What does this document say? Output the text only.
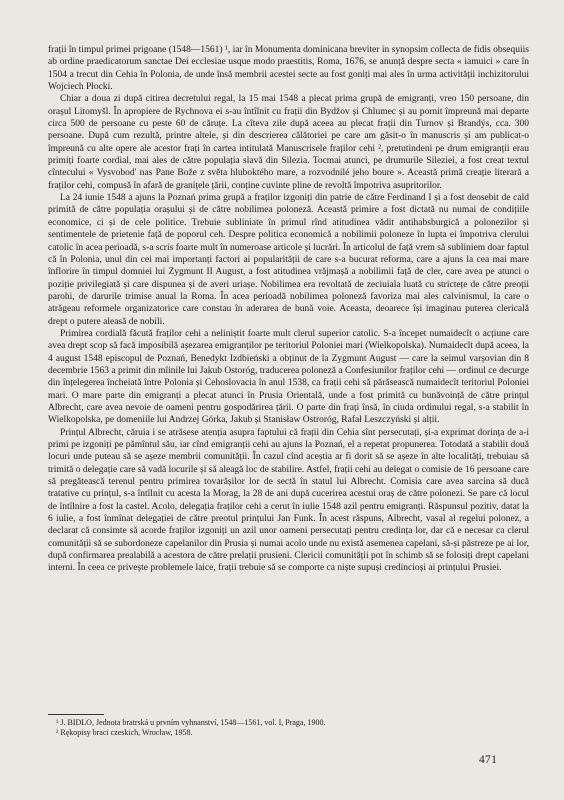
frații în timpul primei prigoane (1548—1561) ¹, iar în Monumenta dominicana breviter in synopsim collecta de fidis obsequiis ab ordine praedicatorum sanctae Dei ecclesiae usque modo praestitis, Roma, 1676, se anunță despre secta « iamuici » care în 1504 a trecut din Cehia în Polonia, de unde însă membrii acestei secte au fost goniți mai ales în urma activității inchizitorului Wojciech Płocki.

Chiar a doua zi după citirea decretului regal, la 15 mai 1548 a plecat prima grupă de emigranți, vreo 150 persoane, din orașul Litomyšl. În apropiere de Rychnova ei s-au întîlnit cu frații din Bydžov și Chlumec și au pornit împreună mai departe circa 500 de persoane cu peste 60 de căruțe. La cîteva zile după aceea au plecat frații din Turnov și Brandýs, cca. 300 persoane. După cum rezultă, printre altele, și din descrierea călătoriei pe care am găsit-o în manuscris și am publicat-o împreună cu alte opere ale acestor frați în cartea intitulată Manuscrisele fraților cehi ², pretutindeni pe drum emigranții erau primiți foarte cordial, mai ales de către populația slavă din Silezia. Tocmai atunci, pe drumurile Sileziei, a fost creat textul cîntecului « Vysvobod' nas Pane Bože z světa hluboktého mare, a rozvodnilé jeho boure ». Această primă creație literară a fraților cehi, compusă în afară de granițele țării, conține cuvinte pline de revoltă împotriva asupritorilor.

La 24 iunie 1548 a ajuns la Poznań prima grupă a fraților izgoniți din patrie de către Ferdinand I și a fost deosebit de cald primită de către populația orașului și de către nobilimea poloneză. Această primire a fost dictată nu numai de condițiile economice, ci și de cele politice. Trebuie subliniate în primul rînd atitudinea vădit antihabsburgică a polonezilor și sentimentele de prietenie față de poporul ceh. Despre politica economică a nobilimii poloneze în lupta ei împotriva clerului catolic în acea perioadă, s-a scris foarte mult în numeroase articole și lucrări. În articolul de față vrem să subliniem doar faptul că în Polonia, unul din cei mai importanți factori ai popularității de care s-a bucurat reforma, care a ajuns la cea mai mare înflorire în timpul domniei lui Zygmunt II August, a fost atitudinea vrăjmașă a nobilimii față de cler, care avea pe atunci o poziție privilegiată și care dispunea și de averi uriașe. Nobilimea era revoltată de zeciuiala luată cu strictețe de către preoții parohi, de darurile trimise anual la Roma. În acea perioadă nobilimea poloneză favoriza mai ales calvinismul, la care o atrăgeau reformele organizatorice care constau în aderarea de bună voie. Aceasta, deoarece își imaginau puterea clericală drept o putere aleasă de nobili.

Primirea cordială făcută fraților cehi a neliniștit foarte mult clerul superior catolic. S-a începet numaidecît o acțiune care avea drept scop să facă imposibilă așezarea emigranților pe teritoriul Poloniei mari (Wielkopolska). Numaidecît după aceea, la 4 august 1548 episcopul de Poznań, Benedykt Izdbieński a obținut de la Zygmunt August — care la seimul varșovian din 8 decembrie 1563 a primit din mîinile lui Jakub Ostoróg, traducerea poloneză a Confesiunilor fraților cehi — ordinul ce decurge din înțelegerea încheiată între Polonia și Cehoslovacia în anul 1538, ca frații cehi să părăsească numaidecît teritoriul Poloniei mari. O mare parte din emigranți a plecat atunci în Prusia Orientală, unde a fost primită cu bunăvoință de către prințul Albrecht, care avea nevoie de oameni pentru gospodărirea țării. O parte din frați însă, în ciuda ordinului regal, s-a stabilit în Wielkopolska, pe domeniile lui Andrzej Górka, Jakub și Stanisław Ostroróg, Rafał Leszczyński și alții.

Prințul Albrecht, căruia i se atrăsese atenția asupra faptului că frații din Cehia sînt persecutați, și-a exprimat dorința de a-i primi pe izgoniți pe pămîntul său, iar cînd emigranții cehi au ajuns la Poznań, el a repetat propunerea. Totodată a stabilit două locuri unde puteau să se așeze membrii comunității. În cazul cînd aceștia ar fi dorit să se așeze în alte localități, trebuiau să trimită o delegație care să vadă locurile și să aleagă loc de stabilire. Astfel, frații cehi au delegat o comisie de 16 persoane care să pregătească terenul pentru primirea tovarășilor lor de sectă în statul lui Albrecht. Comisia care avea sarcina să ducă tratative cu prințul, s-a întîlnit cu acesta la Morag, la 28 de ani după cucerirea acestui oraș de către polonezi. Se pare că locul de întîlnire a fost la castel. Acolo, delegația fraților cehi a cerut în iulie 1548 azil pentru emigranți. Răspunsul pozitiv, datat la 6 iulie, a fost înmînat delegației de către preotul prințului Jan Funk. În acest răspuns, Albrecht, vasal al regelui polonez, a declarat că consimte să acorde fraților izgoniți un azil unor oameni persecutați pentru credința lor, dar că e necesar ca clerul comunității să se subordoneze capelanilor din Prusia și numai acolo unde nu există asemenea capelani, să-și păstreze pe ai lor, după confirmarea prealabilă a acestora de către prelații prusieni. Clericii comunității pot în schimb să se folosiți drept capelani interni. În ceea ce privește problemele laice, frații trebuie să se comporte ca niște supuși credincioși ai prințului Prusiei.

¹ J. BIDLO, Jednota bratrská u prvním vyhnanství, 1548—1561, vol. I, Praga, 1900.

² Rękopisy braci czeskich, Wrocław, 1958.

471
